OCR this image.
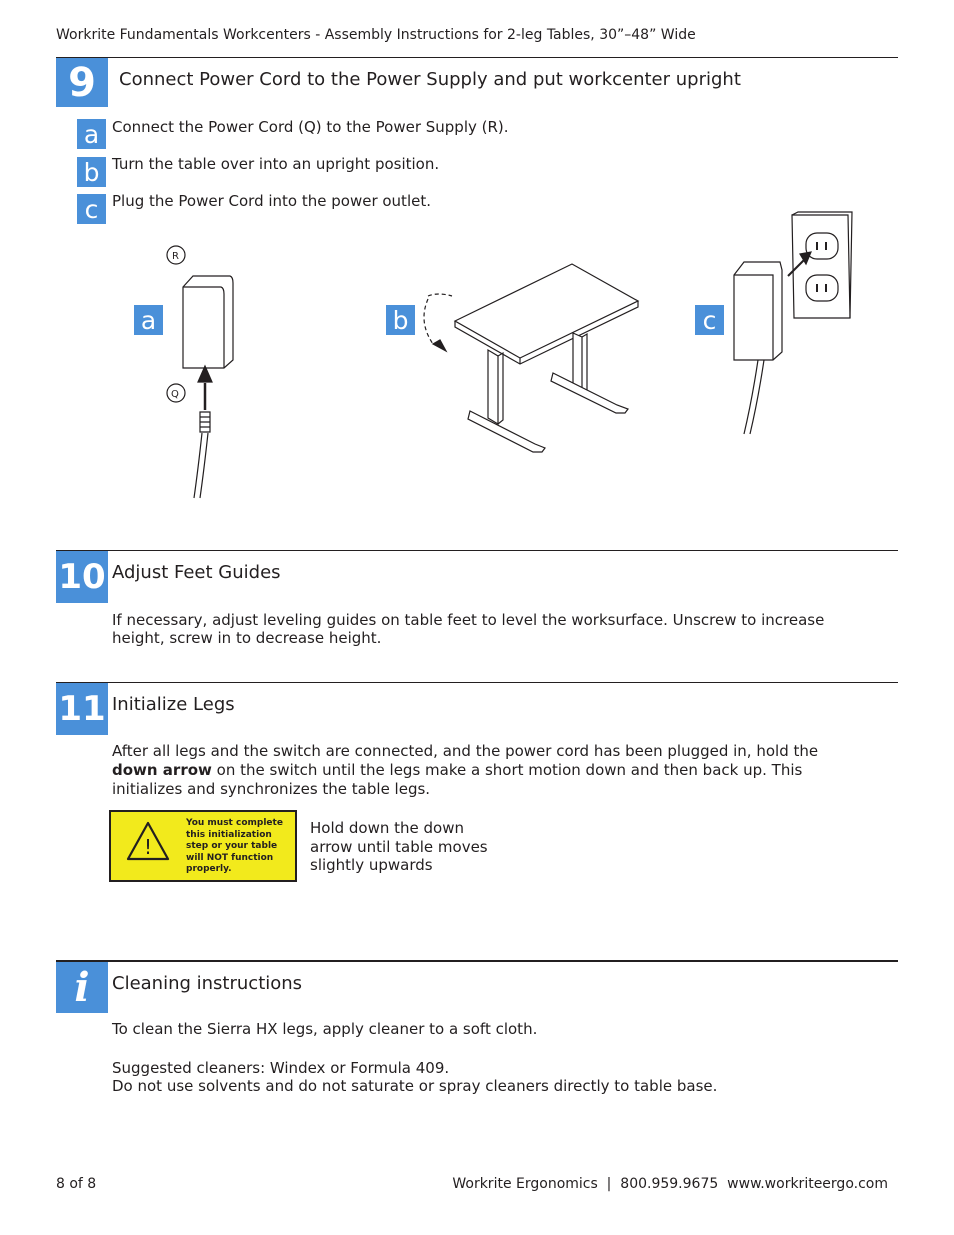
Workrite Fundamentals Workcenters - Assembly Instructions for 2-leg Tables, 30”–48” Wide
9	Connect Power Cord to the Power Supply and put workcenter upright
a Connect the Power Cord (Q) to the Power Supply (R).
b Turn the table over into an upright position.
c Plug the Power Cord into the power outlet.
a	b	c
R
Q
10 Adjust Feet Guides
If necessary, adjust leveling guides on table feet to level the worksurface. Unscrew to increase
height, screw in to decrease height.
11 Initialize Legs
After all legs and the switch are connected, and the power cord has been plugged in, hold the
down arrow on the switch until the legs make a short motion down and then back up. This
initializes and synchronizes the table legs.
!
You must complete this initialization step or your table will NOT function properly.
Hold down the down
arrow until table moves
slightly upwards
i	Cleaning instructions
To clean the Sierra HX legs, apply cleaner to a soft cloth.
Suggested cleaners: Windex or Formula 409.
Do not use solvents and do not saturate or spray cleaners directly to table base.
8 of 8	Workrite Ergonomics  |  800.959.9675  www.workriteergo.com
